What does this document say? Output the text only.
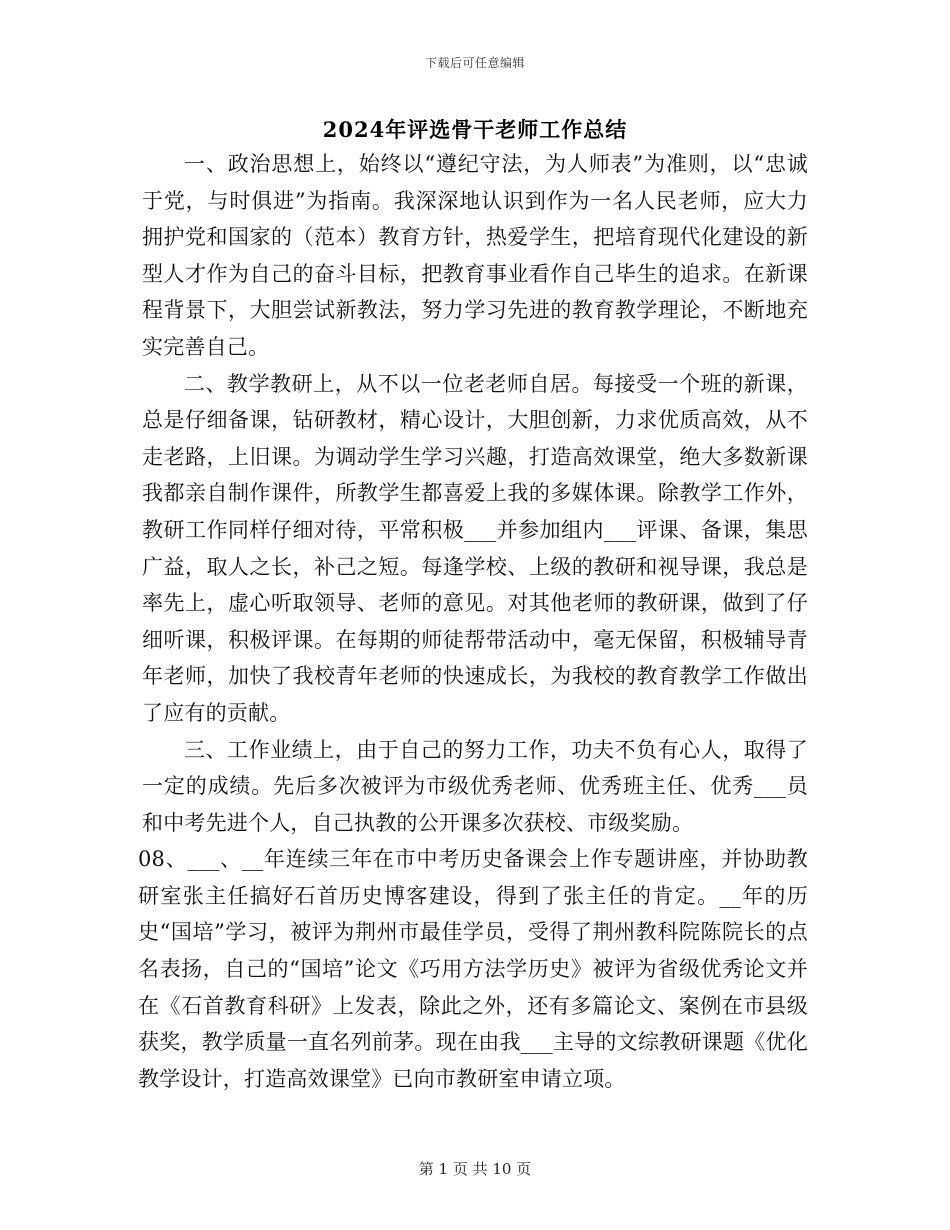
下载后可任意编辑
2024年评选骨干老师工作总结

一、政治思想上，始终以“遵纪守法，为人师表”为准则，以“忠诚于党，与时俱进”为指南。我深深地认识到作为一名人民老师，应大力拥护党和国家的（范本）教育方针，热爱学生，把培育现代化建设的新型人才作为自己的奋斗目标，把教育事业看作自己毕生的追求。在新课程背景下，大胆尝试新教法，努力学习先进的教育教学理论，不断地充实完善自己。

二、教学教研上，从不以一位老老师自居。每接受一个班的新课，总是仔细备课，钻研教材，精心设计，大胆创新，力求优质高效，从不走老路，上旧课。为调动学生学习兴趣，打造高效课堂，绝大多数新课我都亲自制作课件，所教学生都喜爱上我的多媒体课。除教学工作外，教研工作同样仔细对待，平常积极___并参加组内___评课、备课，集思广益，取人之长，补己之短。每逢学校、上级的教研和视导课，我总是率先上，虚心听取领导、老师的意见。对其他老师的教研课，做到了仔细听课，积极评课。在每期的师徒帮带活动中，毫无保留，积极辅导青年老师，加快了我校青年老师的快速成长，为我校的教育教学工作做出了应有的贡献。

三、工作业绩上，由于自己的努力工作，功夫不负有心人，取得了一定的成绩。先后多次被评为市级优秀老师、优秀班主任、优秀___员和中考先进个人，自己执教的公开课多次获校、市级奖励。

08、___、__年连续三年在市中考历史备课会上作专题讲座，并协助教研室张主任搞好石首历史博客建设，得到了张主任的肯定。__年的历史“国培”学习，被评为荆州市最佳学员，受得了荆州教科院陈院长的点名表扬，自己的“国培”论文《巧用方法学历史》被评为省级优秀论文并在《石首教育科研》上发表，除此之外，还有多篇论文、案例在市县级获奖，教学质量一直名列前茅。现在由我___主导的文综教研课题《优化教学设计，打造高效课堂》已向市教研室申请立项。

第 1 页 共 10 页
